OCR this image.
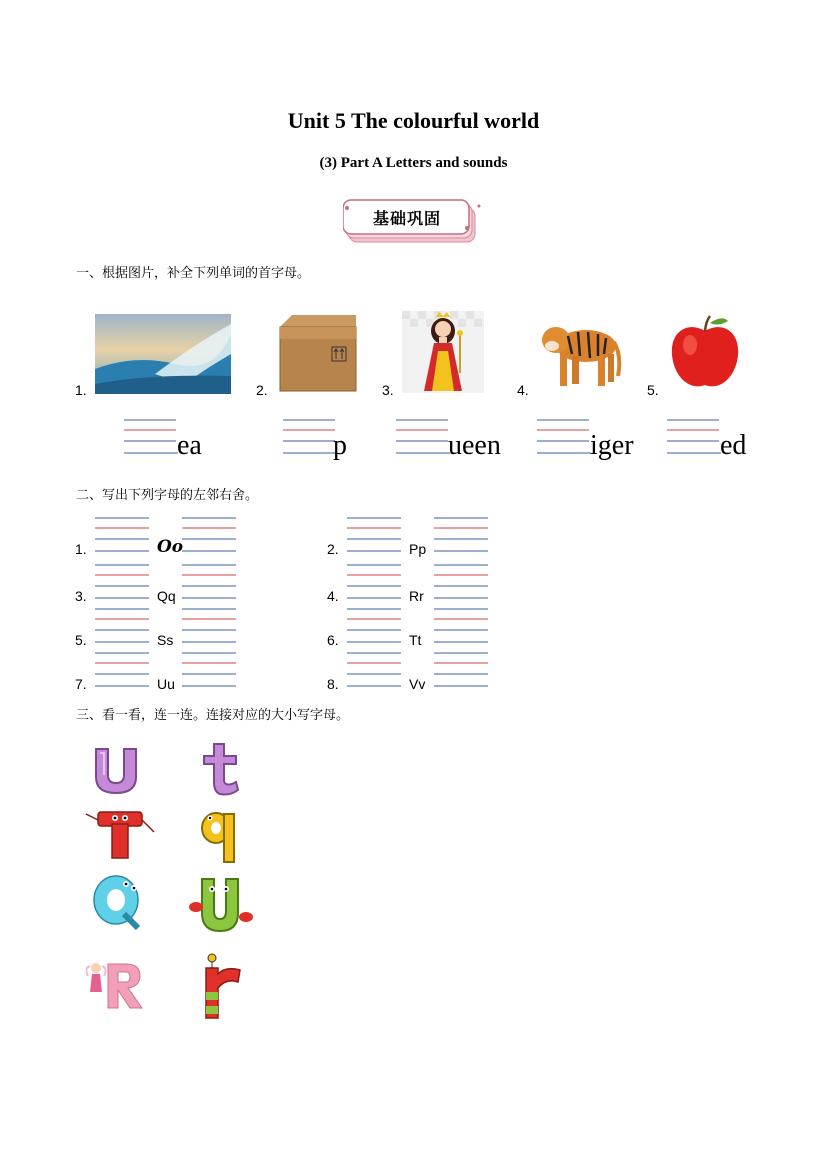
Unit 5 The colourful world
(3) Part A Letters and sounds
基础巩固
一、根据图片，补全下列单词的首字母。
1.	2.	3.	4.	5.
ea	p	ueen	iger	ed
二、写出下列字母的左邻右舍。
1.	Oo	2.	Pp
3.	Qq	4.	Rr
5.	Ss	6.	Tt
7.	Uu	8.	Vv
三、看一看，连一连。连接对应的大小写字母。
